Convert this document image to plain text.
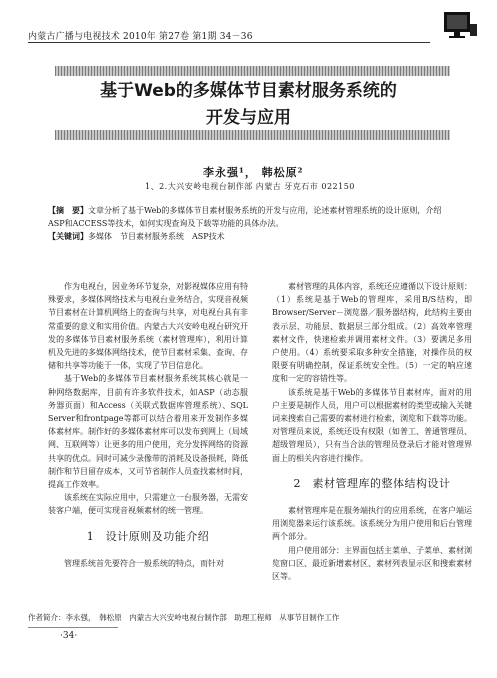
内蒙古广播与电视技术 2010年 第27卷 第1期 34－36
基于Web的多媒体节目素材服务系统的
开发与应用
李永强¹， 韩松原²
1、2.大兴安岭电视台制作部 内蒙古 牙克石市 022150
【摘　要】文章分析了基于Web的多媒体节目素材服务系统的开发与应用，论述素材管理系统的设计原则，介绍ASP和ACCESS等技术，如何实现查询及下载等功能的具体办法。
【关键词】多媒体　节目素材服务系统　ASP技术

作为电视台，因业务环节复杂，对影视媒体应用有特殊要求，多媒体网络技术与电视台业务结合，实现音视频节目素材在计算机网络上的查询与共享，对电视台具有非常重要的意义和实用价值。内蒙古大兴安岭电视台研究开发的多媒体节目素材服务系统（素材管理库），利用计算机及先进的多媒体网络技术，使节目素材采集、查询、存储和共享等功能于一体，实现了节目信息化。

基于Web的多媒体节目素材服务系统其核心就是一种网络数据库，目前有许多软件技术，如ASP（动态服务器页面）和Access（关联式数据库管理系统）、SQL Server和frontpage等都可以结合着用来开发制作多媒体素材库。制作好的多媒体素材库可以发布到网上（局域网、互联网等）让更多的用户使用，充分发挥网络的资源共享的优点。同时可减少录像带的消耗及设备损耗，降低制作和节目留存成本，又可节省制作人员查找素材时间，提高工作效率。

该系统在实际应用中，只需建立一台服务器，无需安装客户端，便可实现音视频素材的统一管理。

1　设计原则及功能介绍

管理系统首先要符合一般系统的特点，而针对

素材管理的具体内容，系统还应遵循以下设计原则：（1）系统是基于Web的管理库，采用B/S结构，即Browser/Server－浏览器／服务器结构，此结构主要由表示层、功能层、数据层三部分组成。（2）高效率管理素材文件，快速检索并调用素材文件。（3）要满足多用户使用。（4）系统要采取多种安全措施，对操作员的权限要有明确控制，保证系统安全性。（5）一定的响应速度和一定的容错性等。

该系统是基于Web的多媒体节目素材库，面对的用户主要是制作人员，用户可以根据素材的类型或输入关键词来搜索自己需要的素材进行检索，浏览和下载等功能。对管理员来说，系统还设有权限（如普工、普通管理员、超级管理员），只有当合法的管理员登录后才能对管理界面上的相关内容进行操作。

2　素材管理库的整体结构设计

素材管理库是在服务端执行的应用系统，在客户端运用浏览器来运行该系统。该系统分为用户使用和后台管理两个部分。

用户使用部分：主界面包括主菜单、子菜单、素材浏览窗口区、最近新增素材区、素材列表显示区和搜索素材区等。

作者简介：李永强，　韩松原　内蒙古大兴安岭电视台制作部　助理工程师　从事节目制作工作
·34·
